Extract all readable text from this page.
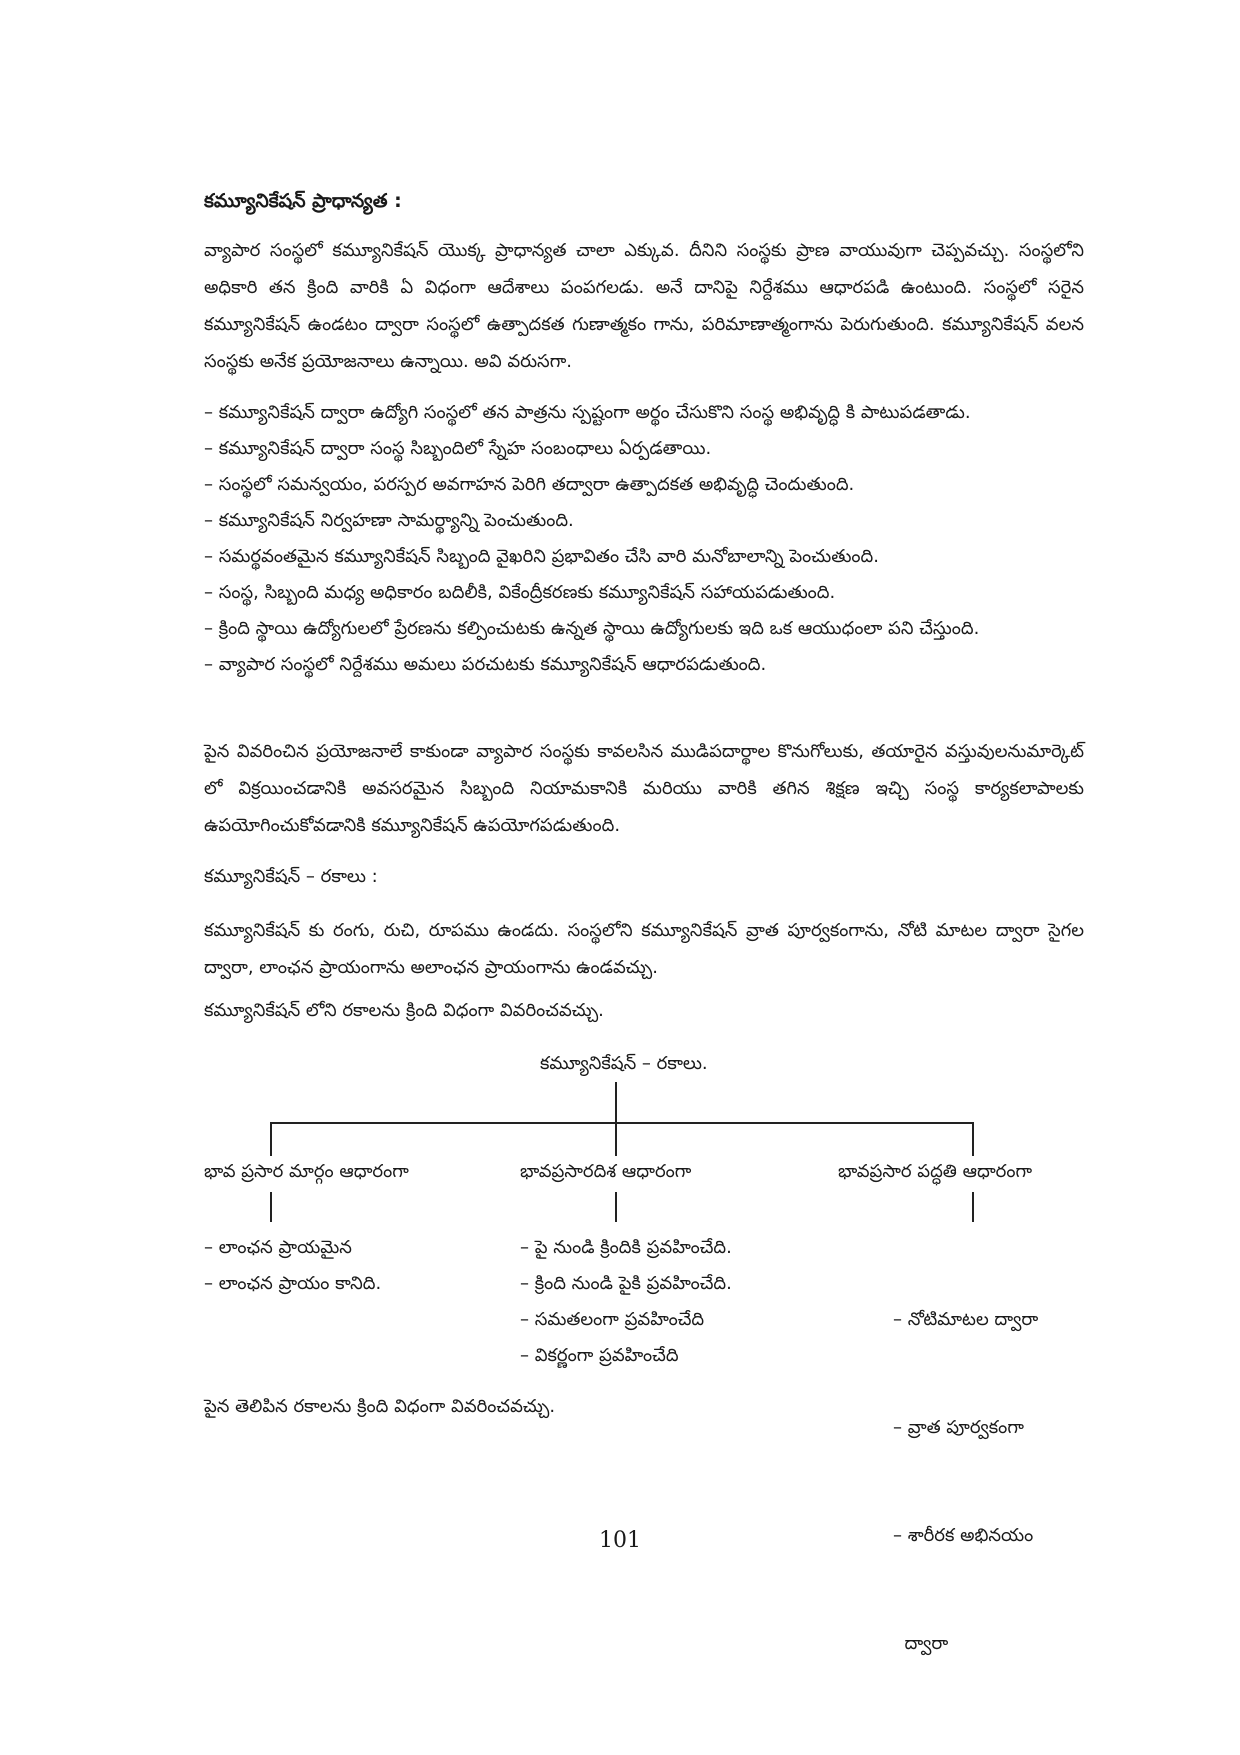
కమ్యూనికేషన్ ప్రాధాన్యత :

వ్యాపార సంస్థలో కమ్యూనికేషన్ యొక్క ప్రాధాన్యత చాలా ఎక్కువ. దీనిని సంస్థకు ప్రాణ వాయువుగా చెప్పవచ్చు. సంస్థలోని అధికారి తన క్రింది వారికి ఏ విధంగా ఆదేశాలు పంపగలడు. అనే దానిపై నిర్దేశము ఆధారపడి ఉంటుంది. సంస్థలో సరైన కమ్యూనికేషన్ ఉండటం ద్వారా సంస్థలో ఉత్పాదకత గుణాత్మకం గాను, పరిమాణాత్మంగాను పెరుగుతుంది. కమ్యూనికేషన్ వలన సంస్థకు అనేక ప్రయోజనాలు ఉన్నాయి. అవి వరుసగా.

– కమ్యూనికేషన్ ద్వారా ఉద్యోగి సంస్థలో తన పాత్రను స్పష్టంగా అర్థం చేసుకొని సంస్థ అభివృద్ధి కి పాటుపడతాడు.
– కమ్యూనికేషన్ ద్వారా సంస్థ సిబ్బందిలో స్నేహ సంబంధాలు ఏర్పడతాయి.
– సంస్థలో సమన్వయం, పరస్పర అవగాహన పెరిగి తద్వారా ఉత్పాదకత అభివృద్ధి చెందుతుంది.
– కమ్యూనికేషన్ నిర్వహణా సామర్థ్యాన్ని పెంచుతుంది.
– సమర్థవంతమైన కమ్యూనికేషన్ సిబ్బంది వైఖరిని ప్రభావితం చేసి వారి మనోబాలాన్ని పెంచుతుంది.
– సంస్థ, సిబ్బంది మధ్య అధికారం బదిలీకి, వికేంద్రీకరణకు కమ్యూనికేషన్ సహాయపడుతుంది.
– క్రింది స్థాయి ఉద్యోగులలో ప్రేరణను కల్పించుటకు ఉన్నత స్థాయి ఉద్యోగులకు ఇది ఒక ఆయుధంలా పని చేస్తుంది.
– వ్యాపార సంస్థలో నిర్దేశము అమలు పరచుటకు కమ్యూనికేషన్ ఆధారపడుతుంది.

పైన వివరించిన ప్రయోజనాలే కాకుండా వ్యాపార సంస్థకు కావలసిన ముడిపదార్థాల కొనుగోలుకు, తయారైన వస్తువులనుమార్కెట్ లో విక్రయించడానికి అవసరమైన సిబ్బంది నియామకానికి మరియు వారికి తగిన శిక్షణ ఇచ్చి సంస్థ కార్యకలాపాలకు ఉపయోగించుకోవడానికి కమ్యూనికేషన్ ఉపయోగపడుతుంది.

కమ్యూనికేషన్ – రకాలు :

కమ్యూనికేషన్ కు రంగు, రుచి, రూపము ఉండదు. సంస్థలోని కమ్యూనికేషన్ వ్రాత పూర్వకంగాను, నోటి మాటల ద్వారా సైగల ద్వారా, లాంఛన ప్రాయంగాను అలాంఛన ప్రాయంగాను ఉండవచ్చు.

కమ్యూనికేషన్ లోని రకాలను క్రింది విధంగా వివరించవచ్చు.

కమ్యూనికేషన్ – రకాలు.
భావ ప్రసార మార్గం ఆధారంగా	భావప్రసారదిశ ఆధారంగా	భావప్రసార పద్ధతి ఆధారంగా
– లాంఛన ప్రాయమైన
– లాంఛన ప్రాయం కానిది.
– పై నుండి క్రిందికి ప్రవహించేది.
– క్రింది నుండి పైకి ప్రవహించేది.
– సమతలంగా ప్రవహించేది
– వికర్ణంగా ప్రవహించేది

– నోటిమాటల ద్వారా

– వ్రాత పూర్వకంగా

– శారీరక అభినయం

ద్వారా

పైన తెలిపిన రకాలను క్రింది విధంగా వివరించవచ్చు.

101
